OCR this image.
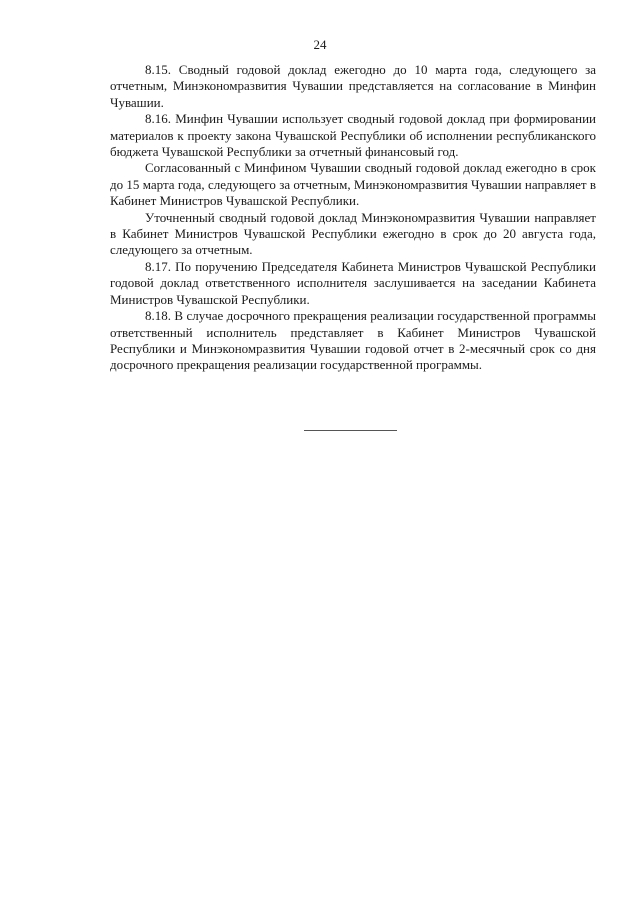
24

8.15. Сводный годовой доклад ежегодно до 10 марта года, следующего за отчетным, Минэкономразвития Чувашии представляется на согласование в Минфин Чувашии.

8.16. Минфин Чувашии использует сводный годовой доклад при формировании материалов к проекту закона Чувашской Республики об исполнении республиканского бюджета Чувашской Республики за отчетный финансовый год.

Согласованный с Минфином Чувашии сводный годовой доклад ежегодно в срок до 15 марта года, следующего за отчетным, Минэкономразвития Чувашии направляет в Кабинет Министров Чувашской Республики.

Уточненный сводный годовой доклад Минэкономразвития Чувашии направляет в Кабинет Министров Чувашской Республики ежегодно в срок до 20 августа года, следующего за отчетным.

8.17. По поручению Председателя Кабинета Министров Чувашской Республики годовой доклад ответственного исполнителя заслушивается на заседании Кабинета Министров Чувашской Республики.

8.18. В случае досрочного прекращения реализации государственной программы ответственный исполнитель представляет в Кабинет Министров Чувашской Республики и Минэкономразвития Чувашии годовой отчет в 2-месячный срок со дня досрочного прекращения реализации государственной программы.
